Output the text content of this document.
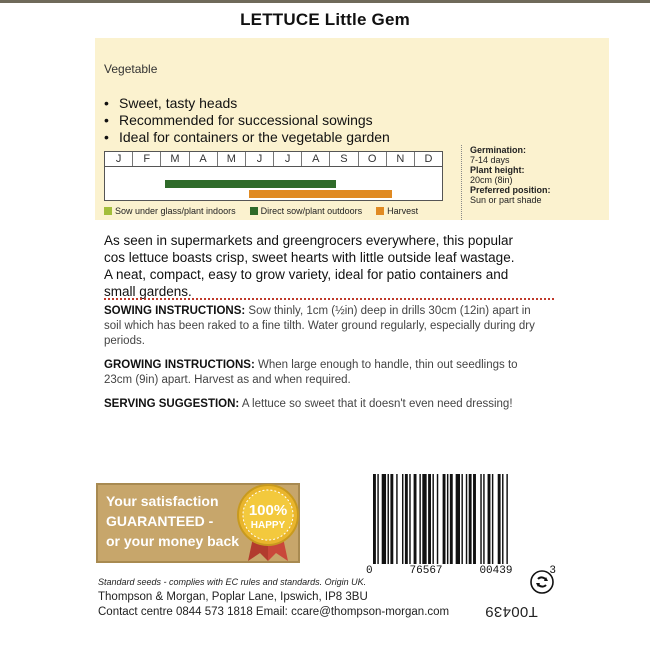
LETTUCE Little Gem
Vegetable
• Sweet, tasty heads
• Recommended for successional sowings
• Ideal for containers or the vegetable garden
J	F	M	A	M	J	J	A	S	O	N	D
Sow under glass/plant indoors	Direct sow/plant outdoors	Harvest
Germination:
7-14 days
Plant height:
20cm (8in)
Preferred position:
Sun or part shade
As seen in supermarkets and greengrocers everywhere, this popular cos lettuce boasts crisp, sweet hearts with little outside leaf wastage. A neat, compact, easy to grow variety, ideal for patio containers and small gardens.
SOWING INSTRUCTIONS: Sow thinly, 1cm (½in) deep in drills 30cm (12in) apart in soil which has been raked to a fine tilth. Water ground regularly, especially during dry periods.
GROWING INSTRUCTIONS: When large enough to handle, thin out seedlings to 23cm (9in) apart. Harvest as and when required.
SERVING SUGGESTION: A lettuce so sweet that it doesn't even need dressing!
Your satisfaction
GUARANTEED -
or your money back
100%
HAPPY
0	76567	00439	3
Standard seeds - complies with EC rules and standards. Origin UK.
Thompson & Morgan, Poplar Lane, Ipswich, IP8 3BU
Contact centre 0844 573 1818 Email: ccare@thompson-morgan.com T00439
